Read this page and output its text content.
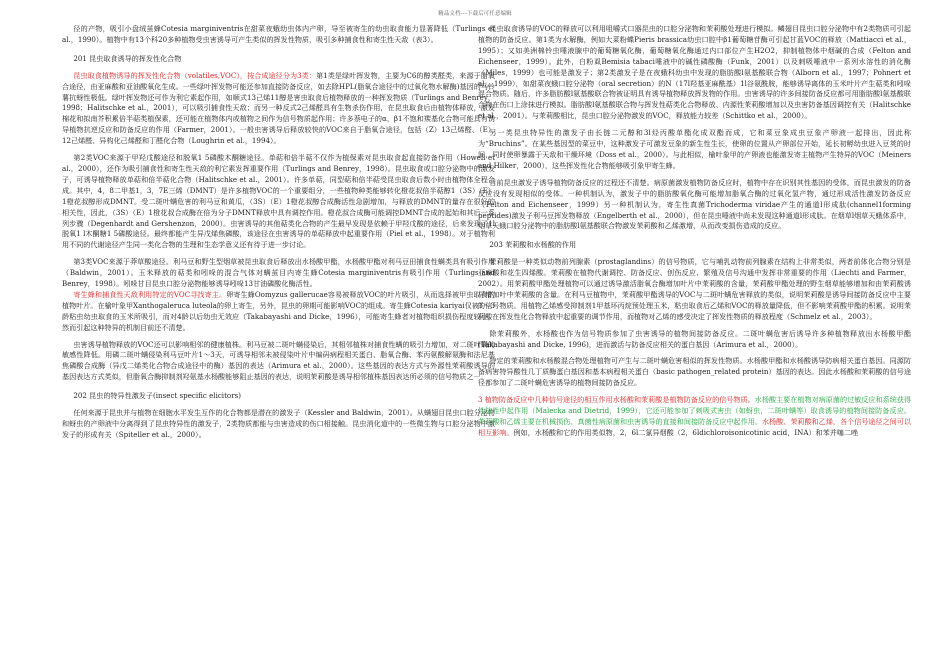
精品文档---下载后可任意编辑

径的产物，吸引小盘绒茧蜂Cotesia marginiventris在甜菜夜蛾幼虫体内产卵，导至被寄生的幼虫取食能力显著降低（Turlings et al.，1990）。植物中有13个科20多种植物受虫害诱导可产生类似的挥发性物质，吸引多种捕食性和寄生性天敌（表3）。

201 昆虫取食诱导的挥发性化合物

昆虫取食植物诱导的挥发性化合物（volatiles,VOC），按合成途径分为3类：第1类是绿叶挥发物，主要为C6的醇类醛类，来源于脂氧合途径，由亚麻酸和亚油酸氧化生成。一些绿叶挥发物可能还参加直接防备反应，如去除HPL(脂氧合途径中的过氧化物水解酶)基因的马铃薯抗蚜性极低。绿叶挥发物还可作为利它素起作用，如顺式13己烯11醇是害虫取食后植物释放的一种挥发物质（Turlings and Benrey，1998；Halitschke et al.，2001），可以吸引捕食性天敌；而另一种反式2己烯醛具有生物杀伤作用，在昆虫取食后由植物体释放，激发棉花和拟南芥积累倍半萜类植保素，还可能在植物体内或植物之间作为信号物质起作用；许多萘电子的α，β1不饱和羰基化合物可能具有诱导植物抗逆反应和防备反应的作用（Farmer，2001）。一般虫害诱导后释放较快的VOC来自于脂氧合途径，包括（Z）13己烯醛、（E）12己烯醛、异构化己烯醛和丁醛化合物（Loughrin et al.，1994）。

第2类VOC来源于甲羟戊酸途径和脱氧1 5磷酸木酮糖途径。单萜和倍半萜不仅作为植保素对昆虫取食起直接防备作用（Howell et al.，2000），还作为吸引捕食性和寄生性天敌的利它素发挥重要作用（Turlings and Benrey，1998）。昆虫取食或口腔分泌物中的激发子，可诱导植物释放单萜和倍半萜化合物（Halitschke et al.，2001）。许多单萜，同型萜和倍半萜受昆虫取食后数小时由植物体全程合成。其中，4，8二甲基1，3，7E三烯（DMNT）是许多植物VOC的一个重要组分，一些植物种类能够转化橙花叔倍半萜醇1（3S）（E）1橙花叔醇形成DMNT。受二斑叶螨危害的利马豆和黄瓜，（3S）（E）1橙花叔醇合成酶活性急剧增加，与释放的DMNT的量存在很好的相关性，因此，（3S）（E）1橙花叔合成酶在倍为分子DMNT释放中具有调控作用。橙花叔合成酶可能调控DMNT合成的起始和其后一系列步骤（Degenhardt and Gershenzon，2000）。虫害诱导的其他萜类化合物的产生最早发现是依赖于甲羟戊酸的途径，后来发现了1l脱氧1 l木酮糖1 5磷酸途径。最终都能产生异戊烯焦磷酸，该途径在虫害诱导的单萜释放中起重要作用（Piel et al.，1998）。对于植物利用不同的代谢途径产生同一类化合物的生理和生态学意义还有待于进一步讨论。

第3类VOC来源于莽草酸途径。利马豆和野生型烟草被昆虫取食后释放出水杨酸甲酯，水杨酸甲酯对利马豆田捕食性螨类具有吸引作用（Baldwin，2001）。玉米释放的萜类和吲哚的混合气体对螨茧目内寄生蜂Cotesia marginiventris有吸引作用（Turlings and Benrey，1998）。吲哚甘目昆虫口腔分泌物能够诱导吲哚13甘油磷酸化酶活性。

寄生蜂和捕食性天敌利用特定的VOC寻找寄主。卵寄生蜂Oomyzus gallerucae容易被释放VOC的叶片吸引，从而选择被甲虫取食的植物叶片。在榆叶象甲Xanthogaleruca luteola的卵上寄生，另外，昆虫的卵期可能影响VOC的组成。寄生蜂Cotesia kariyai仅被1～3龄粘虫幼虫取食的玉米所吸引，而对4龄以后幼虫无效应（Takabayashi and Dicke，1996），可能寄生蜂者对植物组织损伤程度较小，然而引起这种特异的机制目前还不清楚。

虫害诱导植物释放的VOC还可以影响相邻的健康植株。利马豆被二斑叶螨侵染后，其相邻植株对捕食性螨的吸引力增加，对二斑叶螨的敏感性降低。用磷二斑叶螨侵染利马豆叶片1～3天，可诱导相邻未被侵染叶片中编码病程相关蛋白、脂氧合酶、苯丙氨酸解氨酶和法尼基焦磷酸合成酶（异戊二烯类化合物合成途径中的酶）基因的表达（Arimura et al.，2000）。这些基因的表达方式与外源性茉莉酸诱导的基因表达方式类似，但脂氧合酶抑制剂羟氨基水杨酸能够阻止基因的表达，说明茉莉酸是诱导相邻植株基因表达所必须的信号物质之一。

202 昆虫的特异性激发子(insect specific elicitors)

任何来源于昆虫并与植物在细胞水平发生互作的化合物都是潜在的激发子（Kessler and Baldwin，2001）。从螨翅目昆虫口腔分泌物和蚜虫的产卵液中分离得到了昆虫特异性的激发子，2类物质都能与虫害造成的伤口相接触。昆虫消化道中的一些微生物与口腔分泌物中激发子的形成有关（Spiteller et al.，2000）。

昆虫取食诱导的VOC的释放可以利用咀嚼式口器昆虫的口腔分泌物和茉莉酸处理进行模拟。鳞翅目昆虫口腔分泌物中有2类物质可引起植物的防备反应。第1类为水解酶，例如大菜粉蝶Pieris brassica幼虫口腔中β1葡萄糖苷酶可引起甘蓝VOC的释放（Mattiacci et al.，1995）；又如美洲棉铃虫唾液腺中的葡萄糖氧化酶，葡萄糖氧化酶通过内口部位产生H2O2，抑制植物体中烟碱的合成（Felton and Eichenseer，1999）。此外，白粉虱Bemisia tabaci唾液中的碱性磷酸酶（Funk，2001）以及刺吸唾液中一系列水溶性的消化酶（Miles，1999）也可能是激发子；第2类激发子是在夜蛾科幼虫中发现的脂肪酸l氨基酸联合物（Alborn et al.，1997；Pohnert et al.，1999），如甜菜夜蛾口腔分泌物（oral secretion）的N（17l羟基亚麻酰基）1l谷氨酰胺，能够诱导离体的玉米叶片产生萜类和吲哚混合物质。随后，许多脂肪酸l氨基酸联合物被证明具有诱导植物释放挥发物的作用。虫害诱导的许多间接防备反应都可用脂肪酸l氨基酸联合物在伤口上涂抹进行模拟。脂肪酸l氨基酸联合物与挥发性萜类化合物释放、内源性茉莉酸增加以及虫害防备基因调控有关（Halitschke et al.，2001）。与茉莉酸相比，昆虫口腔分泌物激发的VOC，释放能力较差（Schittko et al.，2000）。

另一类昆虫特异性的激发子由长链二元醇和3l烃丙酸单酯化成双酯而成，它和菜豆象成虫豆象产卵液一起排出，因此称为“Bruchins”。在某些基因型的菜豆中，这种激发子可激发豆象的新生性生长，使卵的位置从产卵部位开始，延长初孵幼虫进入豆荚的时间，同时使卵暴露于天敌和干燥环境（Doss et al.，2000）。与此相似，榆叶象甲的产卵液也能激发寄主植物产生特异的VOC（Meiners and Hilker，2000），这些挥发性化合物能够吸引象甲寄生蜂。

目前昆虫激发子诱导植物防备反应的过程还不清楚。病原菌激发植物防备反应时，植物中存在识别其性基因的受体，而昆虫激发的防备反应没有发现相似的受体。一种机制认为，激发子中的脂肪酸氧化酶可能增加脂氧合酶的过氧化氢产物，通过形成活性激发防备反应（Felton and Eichenseer，1999）另一种机制认为，寄生性真菌Trichoderma viridae产生的通道l形成肽(channel1forming peptides)激发子利马豆挥发物释放（Engelberth et al.，2000），但在昆虫唾液中尚未发现这种通道l形成肽。在烟草l烟草天蛾体系中，烟草天蛾口腔分泌物中的脂肪酸l氨基酸联合物激发茉莉酸和乙烯激增，从而改变损伤造成的反应。

203 茉莉酸和水杨酸的作用

茉莉酸是一种类似动物前列腺素（prostaglandins）的信号物质，它与哺乳动物前列腺素在结构上非常类似，两者前体化合物分别是亚麻酸和花生四烯酸。茉莉酸在植物代谢调控、防备反应、创伤反应、繁殖及信号沟通中发挥非常重要的作用（Liechti and Farmer，2002）。用茉莉酸甲酯处理植物可以通过诱导激活脂氧合酶增加叶片中茉莉酸的含量，茉莉酸甲酯处理的野生烟草能够增加和由茉莉酸诱导增加叶中茉莉酸的含量。在利马豆植物中，茉莉酸甲酯诱导的VOC与二斑叶螨危害释放的类似，说明茉莉酸是诱导间接防备反应中主要的信号物质。用植物乙烯感受抑制剂1甲基环丙烷预处理玉米，粘虫取食后乙烯和VOC的释放量降低，但不影响茉莉酸甲酯的积累。说明茉莉酸在挥发性化合物释放中起重要的调节作用，而植物对乙烯的感受决定了挥发性物质的释放程度（Schmelz et al.，2003）。

除茉莉酸外，水杨酸也作为信号物质参加了虫害诱导的植物间接防备反应。二斑叶螨危害后诱导许多种植物释放出水杨酸甲酯(Takabayashi and Dicke, 1996)，进而激活与防备反应相关的蛋白基因（Arimura et al.，2000）。

特定的茉莉酸和水杨酸混合物处理植物可产生与二斑叶螨危害相似的挥发性物质。水杨酸甲酯和水杨酸诱导防病相关蛋白基因。同源防备病害特异酸性几丁质酶蛋白基因和基本病程相关蛋白（basic pathogen_related protein）基因的表达。因此水杨酸和茉莉酸的信号途径都参加了二斑叶螨危害诱导的植物间接防备反应。

3 植物防备反应中几种信号途径的相互作用水杨酸和茉莉酸是植物防备反应的信号物质。水杨酸主要在植物对病原菌的过敏反应和系统获得性抗性中起作用（Malecka and Dietrid，1999），它还可能参加了刺吸式害虫（如蚜虫，二斑叶螨等）取食诱导的植物间接防备反应。茉莉酸和乙烯主要在机械损伤、真菌性病原菌和虫害诱导的直接和间接防备反应中起作用。水杨酸、茉莉酸和乙烯，各个信号途径之间可以相互影响。例如，水杨酸和它的作用类似物，2，6l二氯异烟酸（2，6ldichloroisonicotinic acid，INA）和苯并噻二唑
